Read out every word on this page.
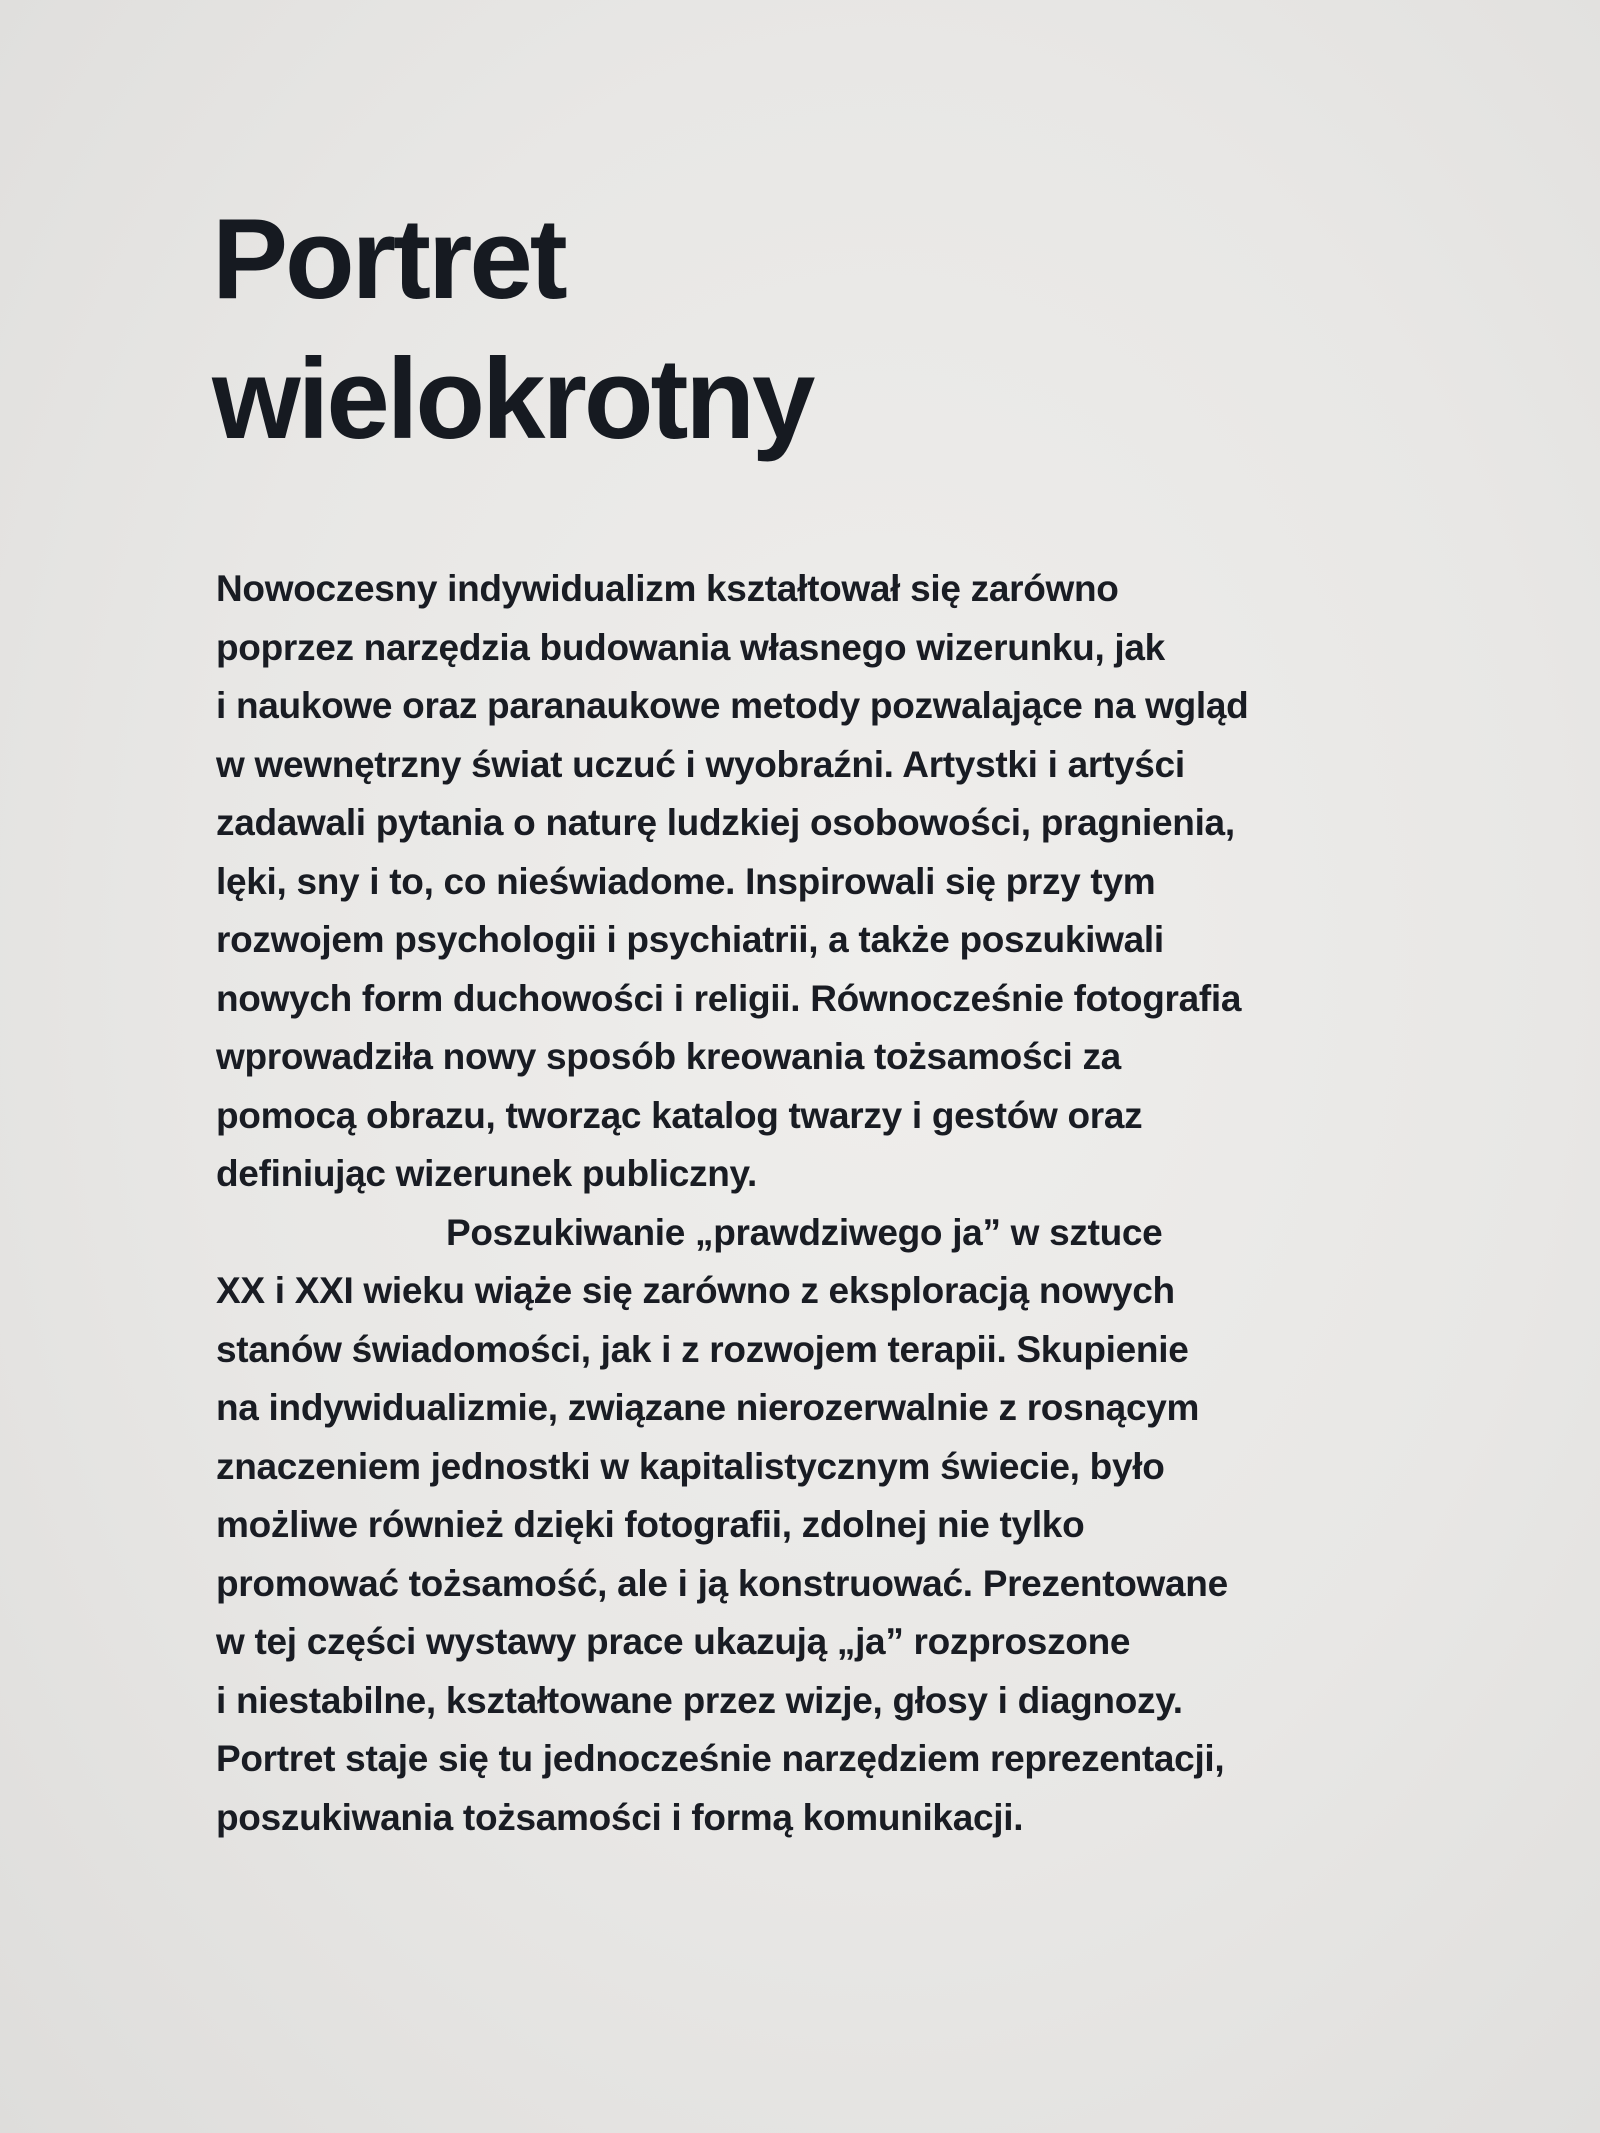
Portret
wielokrotny
Nowoczesny indywidualizm kształtował się zarówno
poprzez narzędzia budowania własnego wizerunku, jak
i naukowe oraz paranaukowe metody pozwalające na wgląd
w wewnętrzny świat uczuć i wyobraźni. Artystki i artyści
zadawali pytania o naturę ludzkiej osobowości, pragnienia,
lęki, sny i to, co nieświadome. Inspirowali się przy tym
rozwojem psychologii i psychiatrii, a także poszukiwali
nowych form duchowości i religii. Równocześnie fotografia
wprowadziła nowy sposób kreowania tożsamości za
pomocą obrazu, tworząc katalog twarzy i gestów oraz
definiując wizerunek publiczny.
Poszukiwanie „prawdziwego ja” w sztuce
XX i XXI wieku wiąże się zarówno z eksploracją nowych
stanów świadomości, jak i z rozwojem terapii. Skupienie
na indywidualizmie, związane nierozerwalnie z rosnącym
znaczeniem jednostki w kapitalistycznym świecie, było
możliwe również dzięki fotografii, zdolnej nie tylko
promować tożsamość, ale i ją konstruować. Prezentowane
w tej części wystawy prace ukazują „ja” rozproszone
i niestabilne, kształtowane przez wizje, głosy i diagnozy.
Portret staje się tu jednocześnie narzędziem reprezentacji,
poszukiwania tożsamości i formą komunikacji.
